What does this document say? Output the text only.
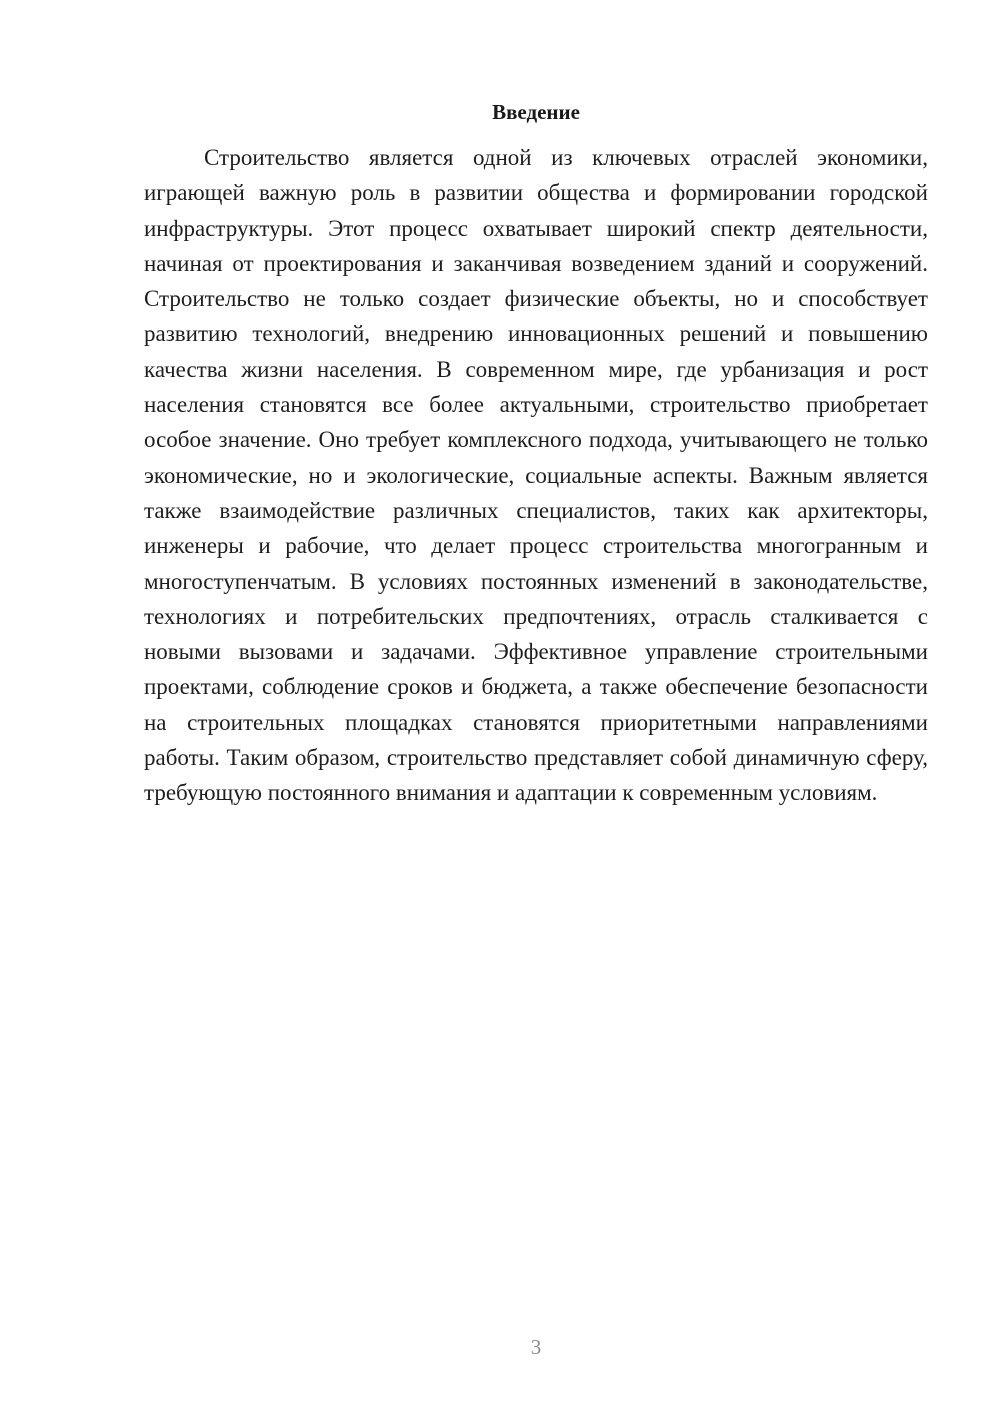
Введение

Строительство является одной из ключевых отраслей экономики, играющей важную роль в развитии общества и формировании городской инфраструктуры. Этот процесс охватывает широкий спектр деятельности, начиная от проектирования и заканчивая возведением зданий и сооружений. Строительство не только создает физические объекты, но и способствует развитию технологий, внедрению инновационных решений и повышению качества жизни населения. В современном мире, где урбанизация и рост населения становятся все более актуальными, строительство приобретает особое значение. Оно требует комплексного подхода, учитывающего не только экономические, но и экологические, социальные аспекты. Важным является также взаимодействие различных специалистов, таких как архитекторы, инженеры и рабочие, что делает процесс строительства многогранным и многоступенчатым. В условиях постоянных изменений в законодательстве, технологиях и потребительских предпочтениях, отрасль сталкивается с новыми вызовами и задачами. Эффективное управление строительными проектами, соблюдение сроков и бюджета, а также обеспечение безопасности на строительных площадках становятся приоритетными направлениями работы. Таким образом, строительство представляет собой динамичную сферу, требующую постоянного внимания и адаптации к современным условиям.

3
